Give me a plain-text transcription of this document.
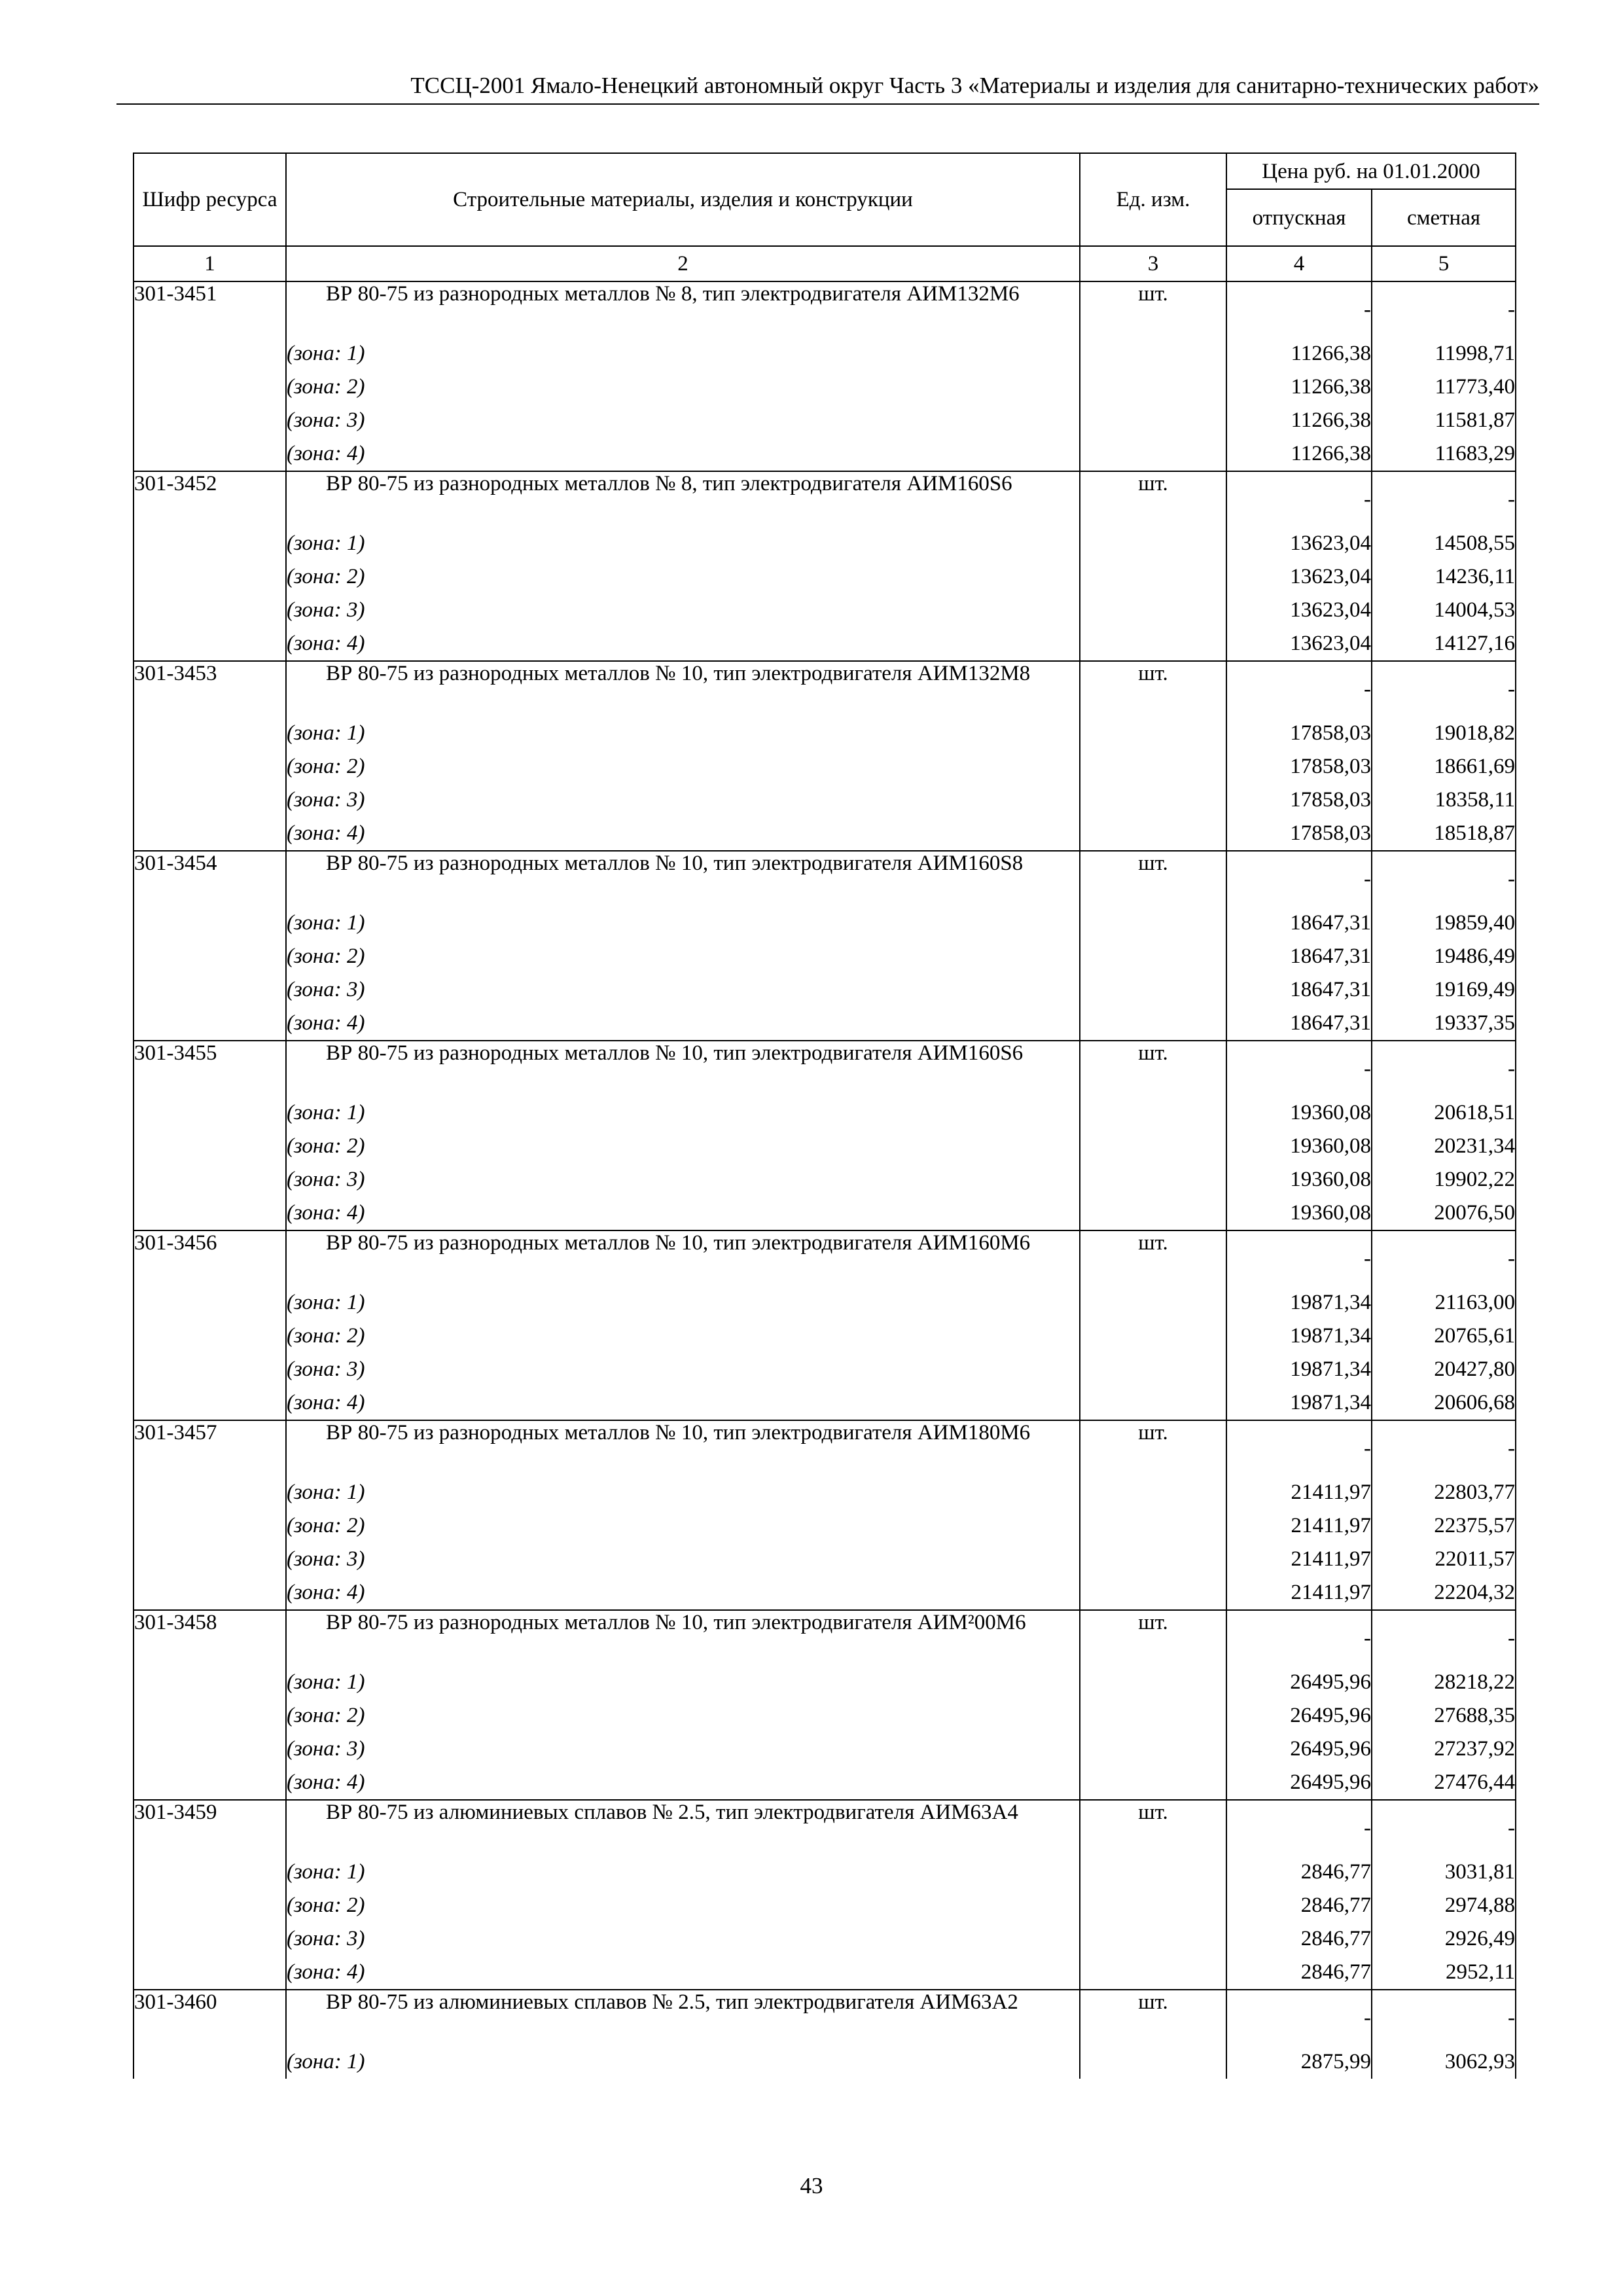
ТССЦ-2001 Ямало-Ненецкий автономный округ Часть 3 «Материалы и изделия для санитарно-технических работ»
Шифр ресурса	Строительные материалы, изделия и конструкции	Ед. изм.	Цена руб. на 01.01.2000	
			отпускная	сметная
1	2	3	4	5
301-3451	ВР 80-75 из разнородных металлов № 8, тип электродвигателя АИМ132М6	шт.	-	-
	(зона: 1)		11266,38	11998,71
	(зона: 2)		11266,38	11773,40
	(зона: 3)		11266,38	11581,87
	(зона: 4)		11266,38	11683,29
301-3452	ВР 80-75 из разнородных металлов № 8, тип электродвигателя АИМ160S6	шт.	-	-
	(зона: 1)		13623,04	14508,55
	(зона: 2)		13623,04	14236,11
	(зона: 3)		13623,04	14004,53
	(зона: 4)		13623,04	14127,16
301-3453	ВР 80-75 из разнородных металлов № 10, тип электродвигателя АИМ132М8	шт.	-	-
	(зона: 1)		17858,03	19018,82
	(зона: 2)		17858,03	18661,69
	(зона: 3)		17858,03	18358,11
	(зона: 4)		17858,03	18518,87
301-3454	ВР 80-75 из разнородных металлов № 10, тип электродвигателя АИМ160S8	шт.	-	-
	(зона: 1)		18647,31	19859,40
	(зона: 2)		18647,31	19486,49
	(зона: 3)		18647,31	19169,49
	(зона: 4)		18647,31	19337,35
301-3455	ВР 80-75 из разнородных металлов № 10, тип электродвигателя АИМ160S6	шт.	-	-
	(зона: 1)		19360,08	20618,51
	(зона: 2)		19360,08	20231,34
	(зона: 3)		19360,08	19902,22
	(зона: 4)		19360,08	20076,50
301-3456	ВР 80-75 из разнородных металлов № 10, тип электродвигателя АИМ160М6	шт.	-	-
	(зона: 1)		19871,34	21163,00
	(зона: 2)		19871,34	20765,61
	(зона: 3)		19871,34	20427,80
	(зона: 4)		19871,34	20606,68
301-3457	ВР 80-75 из разнородных металлов № 10, тип электродвигателя АИМ180М6	шт.	-	-
	(зона: 1)		21411,97	22803,77
	(зона: 2)		21411,97	22375,57
	(зона: 3)		21411,97	22011,57
	(зона: 4)		21411,97	22204,32
301-3458	ВР 80-75 из разнородных металлов № 10, тип электродвигателя АИМ²00М6	шт.	-	-
	(зона: 1)		26495,96	28218,22
	(зона: 2)		26495,96	27688,35
	(зона: 3)		26495,96	27237,92
	(зона: 4)		26495,96	27476,44
301-3459	ВР 80-75 из алюминиевых сплавов № 2.5, тип электродвигателя АИМ63А4	шт.	-	-
	(зона: 1)		2846,77	3031,81
	(зона: 2)		2846,77	2974,88
	(зона: 3)		2846,77	2926,49
	(зона: 4)		2846,77	2952,11
301-3460	ВР 80-75 из алюминиевых сплавов № 2.5, тип электродвигателя АИМ63А2	шт.	-	-
	(зона: 1)		2875,99	3062,93
43
